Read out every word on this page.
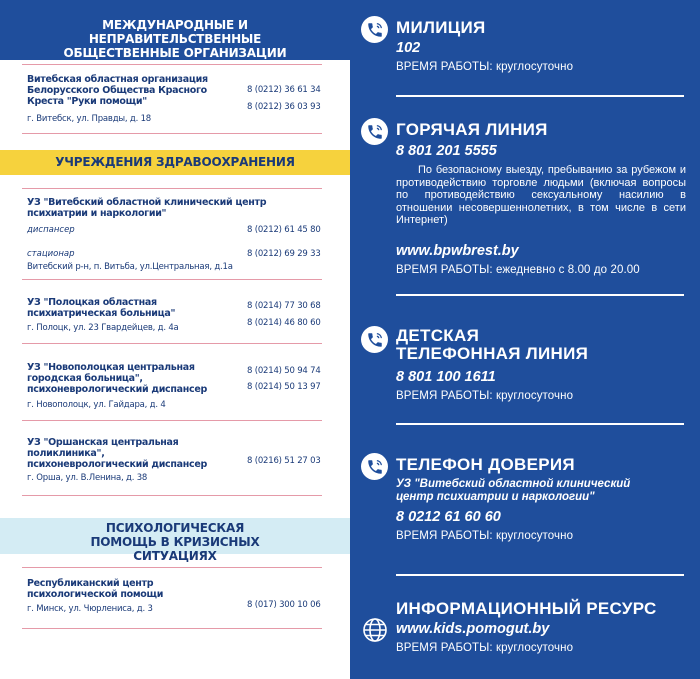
МЕЖДУНАРОДНЫЕ И НЕПРАВИТЕЛЬСТВЕННЫЕ ОБЩЕСТВЕННЫЕ ОРГАНИЗАЦИИ
Витебская областная организация Белорусского Общества Красного Креста "Руки помощи"
8 (0212) 36 61 34
8 (0212) 36 03 93
г. Витебск, ул. Правды, д. 18
УЧРЕЖДЕНИЯ ЗДРАВООХРАНЕНИЯ
УЗ "Витебский областной клинический центр психиатрии и наркологии"
диспансер	8 (0212) 61 45 80
стационар	8 (0212) 69 29 33
Витебский р-н, п. Витьба, ул.Центральная, д.1а
УЗ "Полоцкая областная психиатрическая больница"
8 (0214) 77 30 68
8 (0214) 46 80 60
г. Полоцк, ул. 23 Гвардейцев, д. 4а
УЗ "Новополоцкая центральная городская больница", психоневрологический диспансер
8 (0214) 50 94 74
8 (0214) 50 13 97
г. Новополоцк, ул. Гайдара, д. 4
УЗ "Оршанская центральная поликлиника", психоневрологический диспансер	8 (0216) 51 27 03
г. Орша, ул. В.Ленина, д. 38
ПСИХОЛОГИЧЕСКАЯ ПОМОЩЬ В КРИЗИСНЫХ СИТУАЦИЯХ
Республиканский центр психологической помощи
8 (017) 300 10 06
г. Минск, ул. Чюрлениса, д. 3
МИЛИЦИЯ
102
ВРЕМЯ РАБОТЫ: круглосуточно
ГОРЯЧАЯ ЛИНИЯ
8 801 201 5555
По безопасному выезду, пребыванию за рубежом и противодействию торговле людьми (включая вопросы по противодействию сексуальному насилию в отношении несовершеннолетних, в том числе в сети Интернет)
www.bpwbrest.by
ВРЕМЯ РАБОТЫ: ежедневно с 8.00 до 20.00
ДЕТСКАЯ
ТЕЛЕФОННАЯ ЛИНИЯ
8 801 100 1611
ВРЕМЯ РАБОТЫ: круглосуточно
ТЕЛЕФОН ДОВЕРИЯ
УЗ "Витебский областной клинический центр психиатрии и наркологии"
8 0212 61 60 60
ВРЕМЯ РАБОТЫ: круглосуточно
ИНФОРМАЦИОННЫЙ РЕСУРС
www.kids.pomogut.by
ВРЕМЯ РАБОТЫ: круглосуточно
